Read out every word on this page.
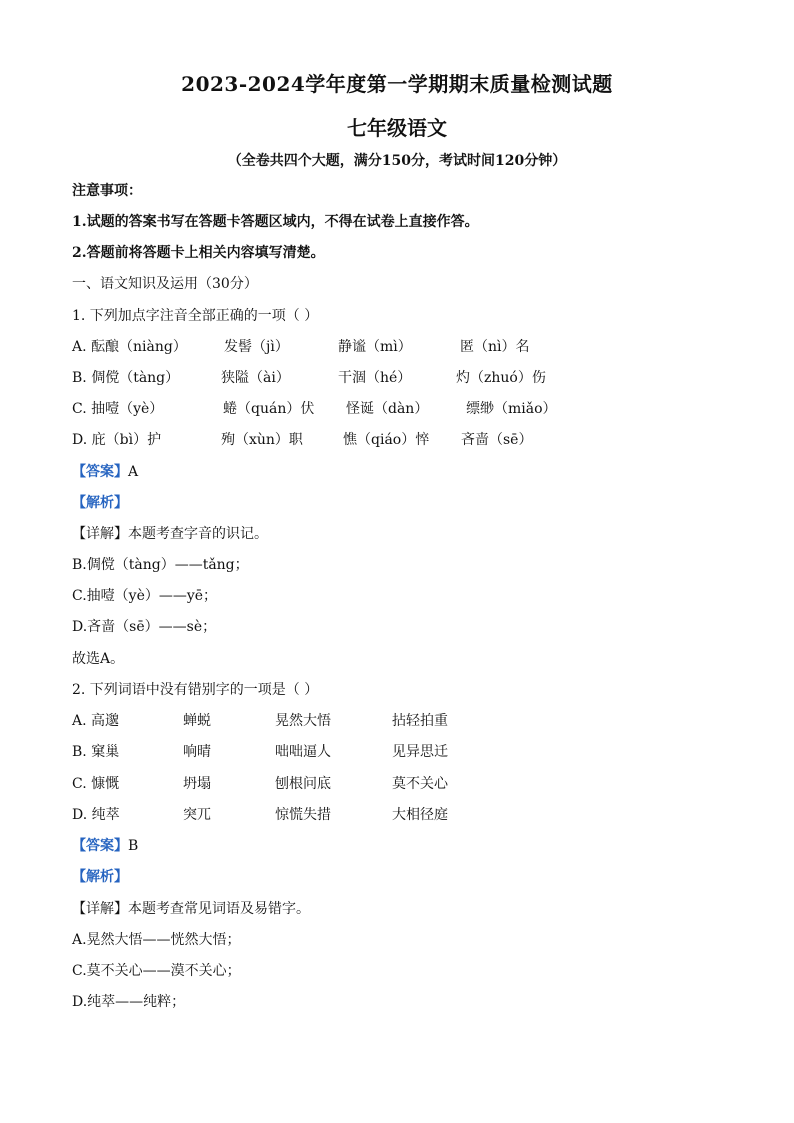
2023-2024学年度第一学期期末质量检测试题
七年级语文
（全卷共四个大题，满分150分，考试时间120分钟）
注意事项：
1.试题的答案书写在答题卡答题区域内，不得在试卷上直接作答。
2.答题前将答题卡上相关内容填写清楚。
一、语文知识及运用（30分）
1. 下列加点字注音全部正确的一项（ ）
A. 酝酿（niàng）	发髻（jì）	静谧（mì）	匿（nì）名
B. 倜傥（tàng）	狭隘（ài）	干涸（hé）	灼（zhuó）伤
C. 抽噎（yè）	蜷（quán）伏 怪诞（dàn）	缥缈（miǎo）
D. 庇（bì）护	殉（xùn）职	憔（qiáo）悴 吝啬（sē）
【答案】A
【解析】
【详解】本题考查字音的识记。
B.倜傥（tàng）——tǎng；
C.抽噎（yè）——yē；
D.吝啬（sē）——sè；
故选A。
2. 下列词语中没有错别字的一项是（ ）
A. 高邈	蝉蜕	晃然大悟	拈轻拍重
B. 窠巢	响晴	咄咄逼人	见异思迁
C. 慷慨	坍塌	刨根问底	莫不关心
D. 纯萃	突兀	惊慌失措	大相径庭
【答案】B
【解析】
【详解】本题考查常见词语及易错字。
A.晃然大悟——恍然大悟；
C.莫不关心——漠不关心；
D.纯萃——纯粹；
